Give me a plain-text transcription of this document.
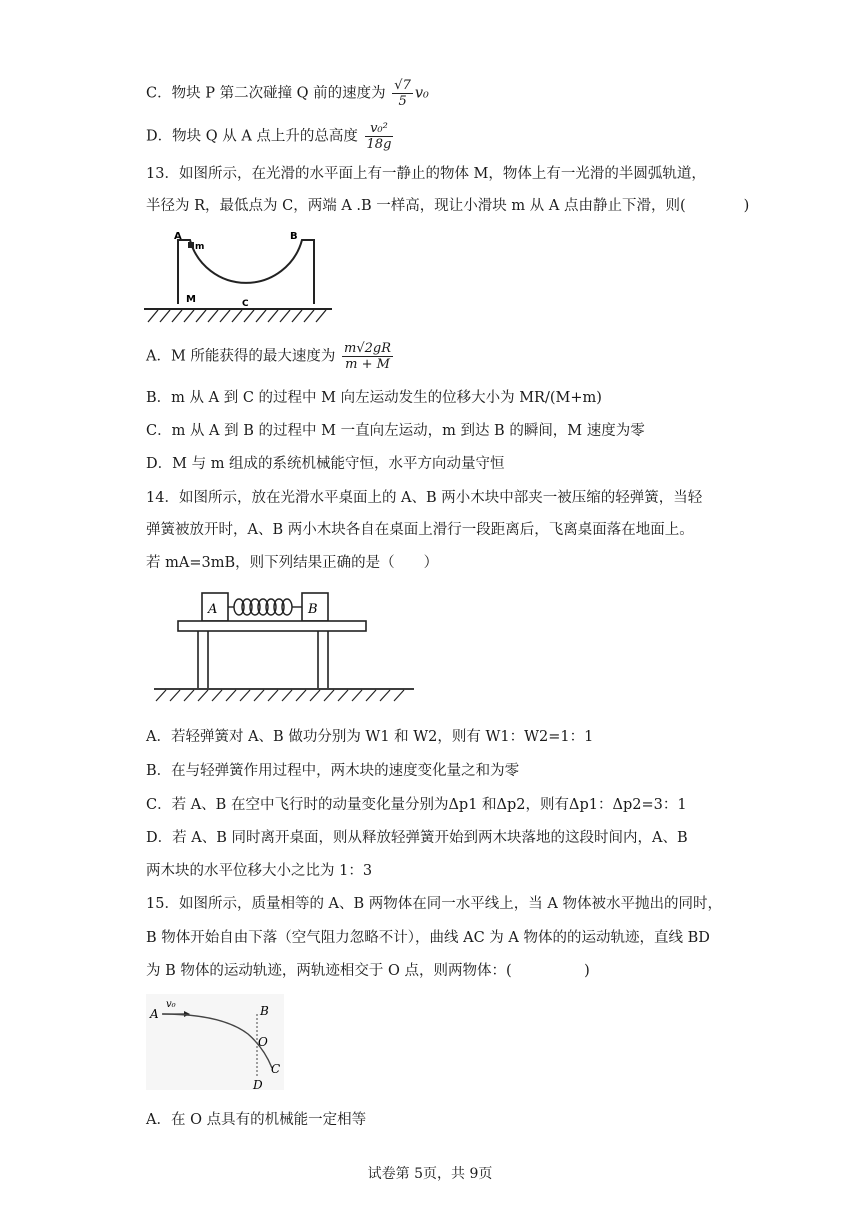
C．物块 P 第二次碰撞 Q 前的速度为 $\frac{√7}{5} v_0$
D．物块 Q 从 A 点上升的总高度 $\frac{\text{v₀²}}{18g}$
13．如图所示，在光滑的水平面上有一静止的物体 M，物体上有一光滑的半圆弧轨道，
半径为 R，最低点为 C，两端 A .B 一样高，现让小滑块 m 从 A 点由静止下滑，则(　　　　)
A
m
B
M	C
A．M 所能获得的最大速度为 $\frac{m√2gR}{m + M}$
B．m 从 A 到 C 的过程中 M 向左运动发生的位移大小为 MR/(M+m)
C．m 从 A 到 B 的过程中 M 一直向左运动，m 到达 B 的瞬间，M 速度为零
D．M 与 m 组成的系统机械能守恒，水平方向动量守恒
14．如图所示，放在光滑水平桌面上的 A、B 两小木块中部夹一被压缩的轻弹簧，当轻
弹簧被放开时，A、B 两小木块各自在桌面上滑行一段距离后，飞离桌面落在地面上。
若 mA=3mB，则下列结果正确的是（　　）
A	B
A．若轻弹簧对 A、B 做功分别为 W1 和 W2，则有 W1：W2=1：1
B．在与轻弹簧作用过程中，两木块的速度变化量之和为零
C．若 A、B 在空中飞行时的动量变化量分别为Δp1 和Δp2，则有Δp1：Δp2=3：1
D．若 A、B 同时离开桌面，则从释放轻弹簧开始到两木块落地的这段时间内，A、B
两木块的水平位移大小之比为 1：3
15．如图所示，质量相等的 A、B 两物体在同一水平线上，当 A 物体被水平抛出的同时，
B 物体开始自由下落（空气阻力忽略不计），曲线 AC 为 A 物体的的运动轨迹，直线 BD
为 B 物体的运动轨迹，两轨迹相交于 O 点，则两物体：(　　　　　)
A
v₀	B
O
C
D
A．在 O 点具有的机械能一定相等
试卷第 5页，共 9页
